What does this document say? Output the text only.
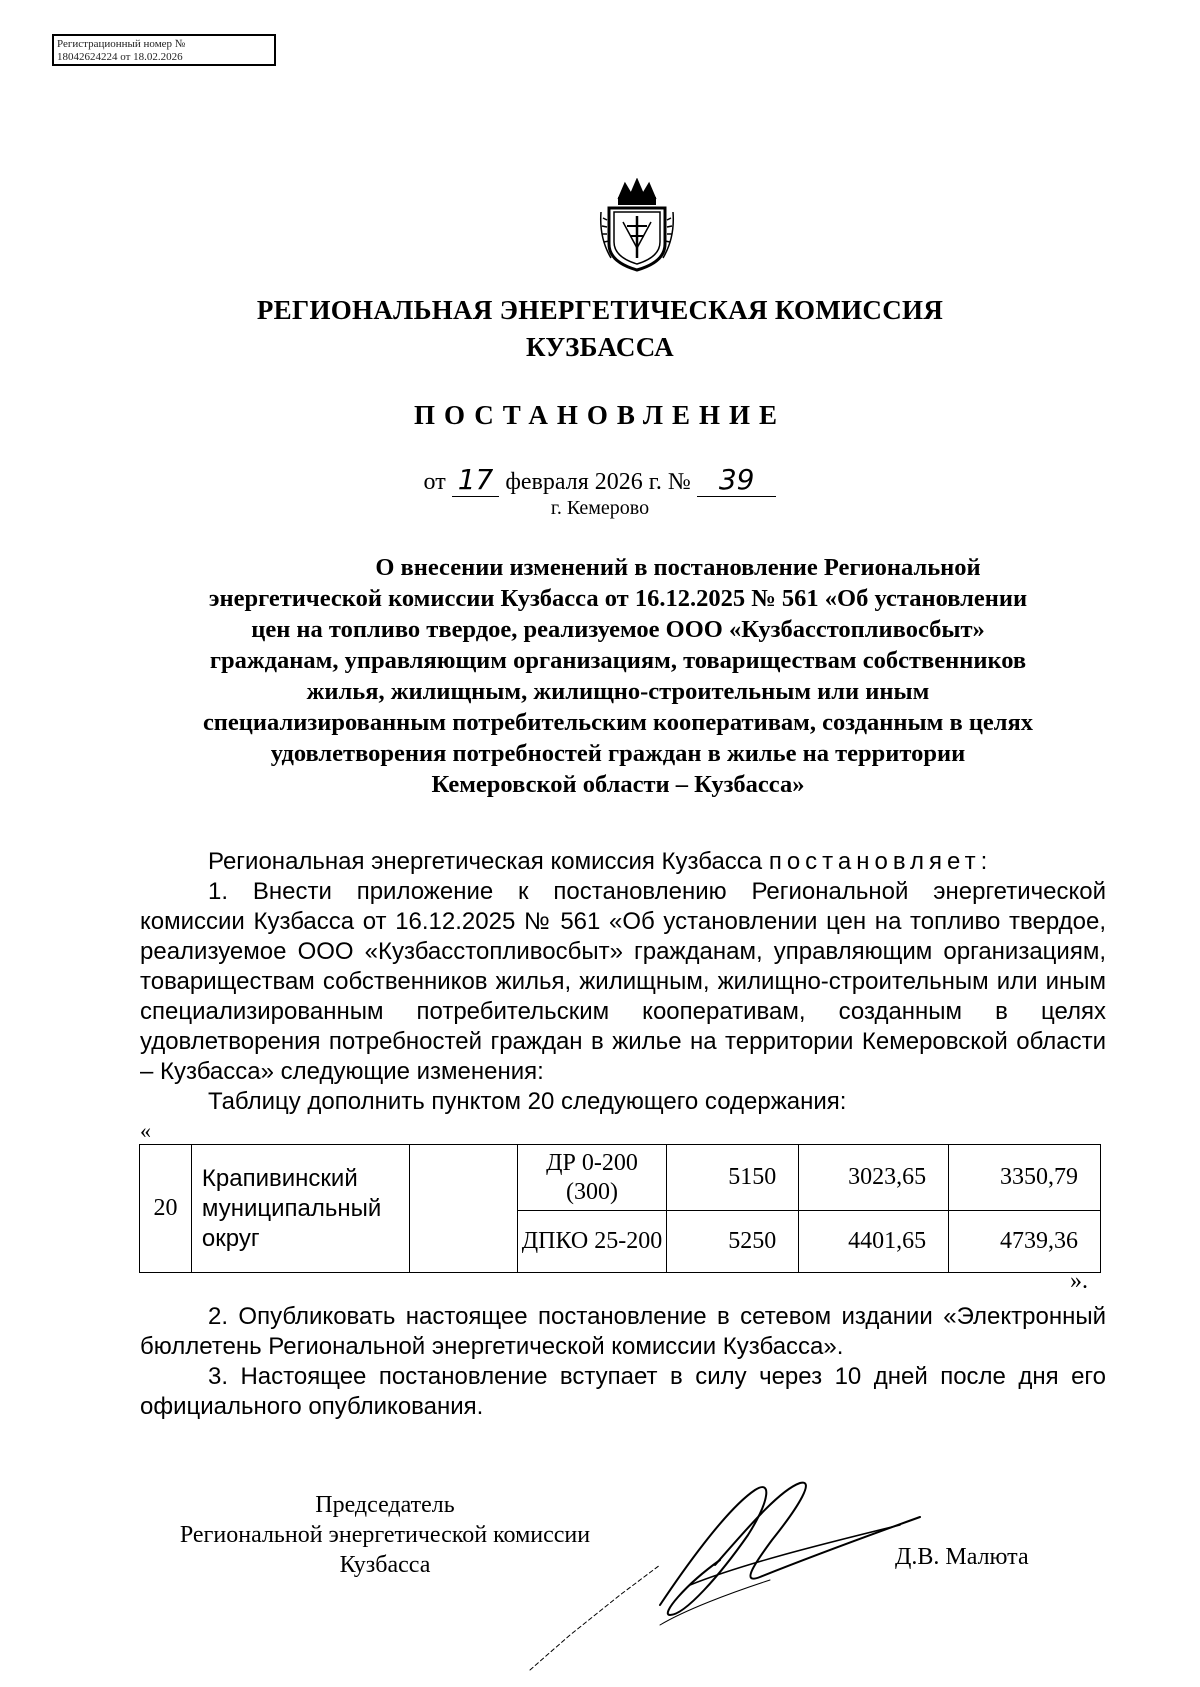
Регистрационный номер №
18042624224 от 18.02.2026
РЕГИОНАЛЬНАЯ ЭНЕРГЕТИЧЕСКАЯ КОМИССИЯ
КУЗБАССА
ПОСТАНОВЛЕНИЕ
от 17 февраля 2026 г. № 39
г. Кемерово

О внесении изменений в постановление Региональной

энергетической комиссии Кузбасса от 16.12.2025 № 561 «Об установлении

цен на топливо твердое, реализуемое ООО «Кузбасстопливосбыт»

гражданам, управляющим организациям, товариществам собственников

жилья, жилищным, жилищно-строительным или иным

специализированным потребительским кооперативам, созданным в целях

удовлетворения потребностей граждан в жилье на территории

Кемеровской области – Кузбасса»

Региональная энергетическая комиссия Кузбасса постановляет:

1. Внести приложение к постановлению Региональной энергетической комиссии Кузбасса от 16.12.2025 № 561 «Об установлении цен на топливо твердое, реализуемое ООО «Кузбасстопливосбыт» гражданам, управляющим организациям, товариществам собственников жилья, жилищным, жилищно-строительным или иным специализированным потребительским кооперативам, созданным в целях удовлетворения потребностей граждан в жилье на территории Кемеровской области – Кузбасса» следующие изменения:

Таблицу дополнить пунктом 20 следующего содержания:

«
20	Крапивинский муниципальный округ		ДР 0-200 (300)	5150	3023,65	3350,79
			ДПКО 25-200	5250	4401,65	4739,36
».

2. Опубликовать настоящее постановление в сетевом издании «Электронный бюллетень Региональной энергетической комиссии Кузбасса».

3. Настоящее постановление вступает в силу через 10 дней после дня его официального опубликования.

Председатель
Региональной энергетической комиссии
Кузбасса	Д.В. Малюта
